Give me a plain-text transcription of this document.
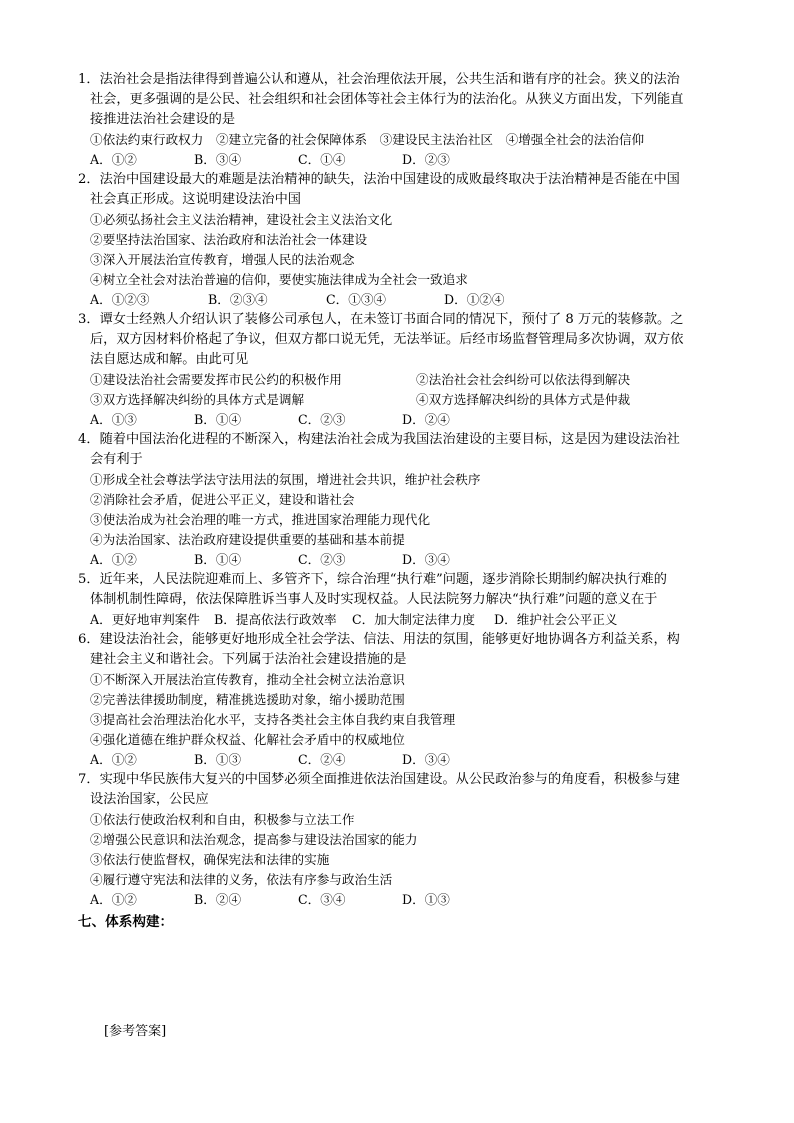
1．法治社会是指法律得到普遍公认和遵从，社会治理依法开展，公共生活和谐有序的社会。狭义的法治
社会，更多强调的是公民、社会组织和社会团体等社会主体行为的法治化。从狭义方面出发，下列能直
接推进法治社会建设的是
①依法约束行政权力　②建立完备的社会保障体系　③建设民主法治社区　④增强全社会的法治信仰
A．①②	B．③④	C．①④	D．②③
2．法治中国建设最大的难题是法治精神的缺失，法治中国建设的成败最终取决于法治精神是否能在中国
社会真正形成。这说明建设法治中国
①必须弘扬社会主义法治精神，建设社会主义法治文化
②要坚持法治国家、法治政府和法治社会一体建设
③深入开展法治宣传教育，增强人民的法治观念
④树立全社会对法治普遍的信仰，要使实施法律成为全社会一致追求
A．①②③	B．②③④	C．①③④	D．①②④
3．谭女士经熟人介绍认识了装修公司承包人，在未签订书面合同的情况下，预付了 8 万元的装修款。之
后，双方因材料价格起了争议，但双方都口说无凭，无法举证。后经市场监督管理局多次协调，双方依
法自愿达成和解。由此可见
①建设法治社会需要发挥市民公约的积极作用	②法治社会社会纠纷可以依法得到解决
③双方选择解决纠纷的具体方式是调解	④双方选择解决纠纷的具体方式是仲裁
A．①③	B．①④	C．②③	D．②④
4．随着中国法治化进程的不断深入，构建法治社会成为我国法治建设的主要目标，这是因为建设法治社
会有利于
①形成全社会尊法学法守法用法的氛围，增进社会共识，维护社会秩序
②消除社会矛盾，促进公平正义，建设和谐社会
③使法治成为社会治理的唯一方式，推进国家治理能力现代化
④为法治国家、法治政府建设提供重要的基础和基本前提
A．①②	B．①④	C．②③	D．③④
5．近年来，人民法院迎难而上、多管齐下，综合治理“执行难”问题，逐步消除长期制约解决执行难的
体制机制性障碍，依法保障胜诉当事人及时实现权益。人民法院努力解决“执行难”问题的意义在于
A．更好地审判案件	B．提高依法行政效率	C．加大制定法律力度	D．维护社会公平正义
6．建设法治社会，能够更好地形成全社会学法、信法、用法的氛围，能够更好地协调各方利益关系，构
建社会主义和谐社会。下列属于法治社会建设措施的是
①不断深入开展法治宣传教育，推动全社会树立法治意识
②完善法律援助制度，精准挑选援助对象，缩小援助范围
③提高社会治理法治化水平，支持各类社会主体自我约束自我管理
④强化道德在维护群众权益、化解社会矛盾中的权威地位
A．①②	B．①③	C．②④	D．③④
7．实现中华民族伟大复兴的中国梦必须全面推进依法治国建设。从公民政治参与的角度看，积极参与建
设法治国家，公民应
①依法行使政治权利和自由，积极参与立法工作
②增强公民意识和法治观念，提高参与建设法治国家的能力
③依法行使监督权，确保宪法和法律的实施
④履行遵守宪法和法律的义务，依法有序参与政治生活
A．①②	B．②④	C．③④	D．①③
七、体系构建：
[参考答案]
